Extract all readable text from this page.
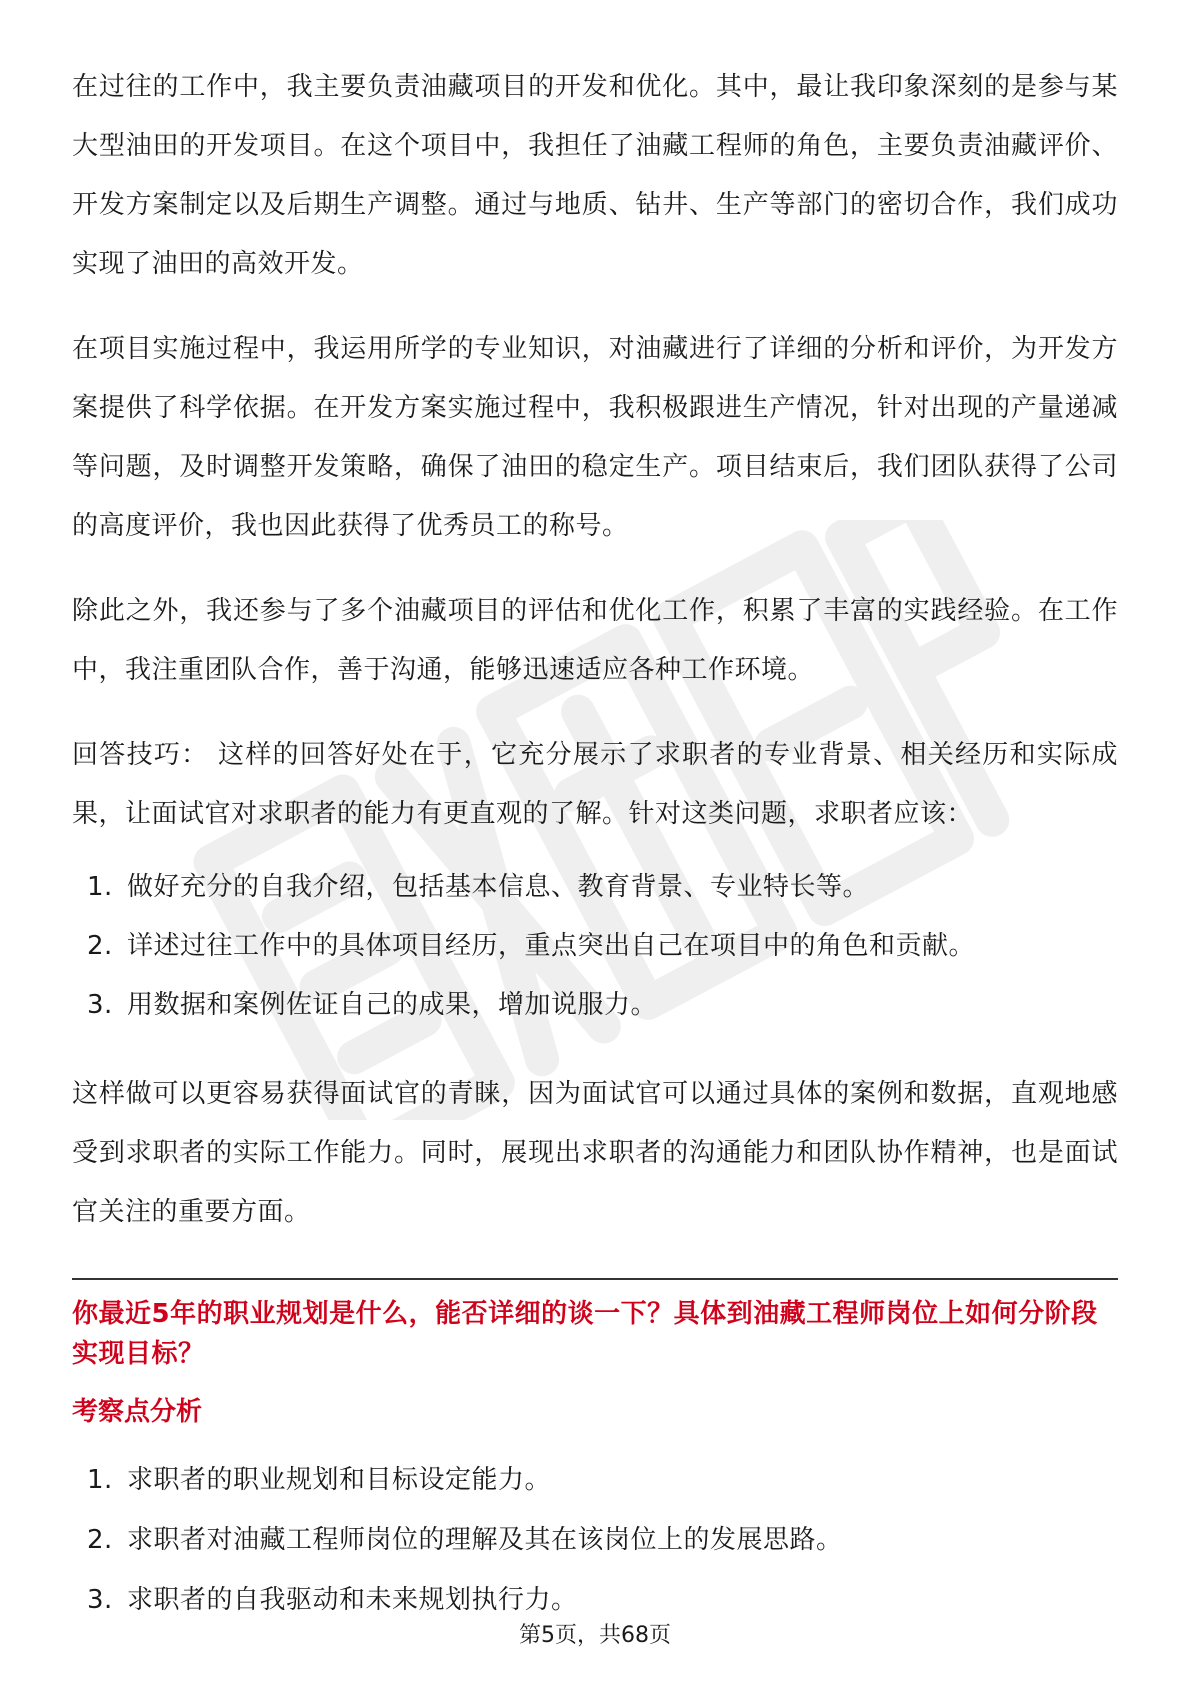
在过往的工作中，我主要负责油藏项目的开发和优化。其中，最让我印象深刻的是参与某大型油田的开发项目。在这个项目中，我担任了油藏工程师的角色，主要负责油藏评价、开发方案制定以及后期生产调整。通过与地质、钻井、生产等部门的密切合作，我们成功实现了油田的高效开发。

在项目实施过程中，我运用所学的专业知识，对油藏进行了详细的分析和评价，为开发方案提供了科学依据。在开发方案实施过程中，我积极跟进生产情况，针对出现的产量递减等问题，及时调整开发策略，确保了油田的稳定生产。项目结束后，我们团队获得了公司的高度评价，我也因此获得了优秀员工的称号。

除此之外，我还参与了多个油藏项目的评估和优化工作，积累了丰富的实践经验。在工作中，我注重团队合作，善于沟通，能够迅速适应各种工作环境。

回答技巧： 这样的回答好处在于，它充分展示了求职者的专业背景、相关经历和实际成果，让面试官对求职者的能力有更直观的了解。针对这类问题，求职者应该：

1. 做好充分的自我介绍，包括基本信息、教育背景、专业特长等。
2. 详述过往工作中的具体项目经历，重点突出自己在项目中的角色和贡献。
3. 用数据和案例佐证自己的成果，增加说服力。

这样做可以更容易获得面试官的青睐，因为面试官可以通过具体的案例和数据，直观地感受到求职者的实际工作能力。同时，展现出求职者的沟通能力和团队协作精神，也是面试官关注的重要方面。

你最近5年的职业规划是什么，能否详细的谈一下？具体到油藏工程师岗位上如何分阶段实现目标？

考察点分析

1. 求职者的职业规划和目标设定能力。
2. 求职者对油藏工程师岗位的理解及其在该岗位上的发展思路。
3. 求职者的自我驱动和未来规划执行力。
第5页，共68页
